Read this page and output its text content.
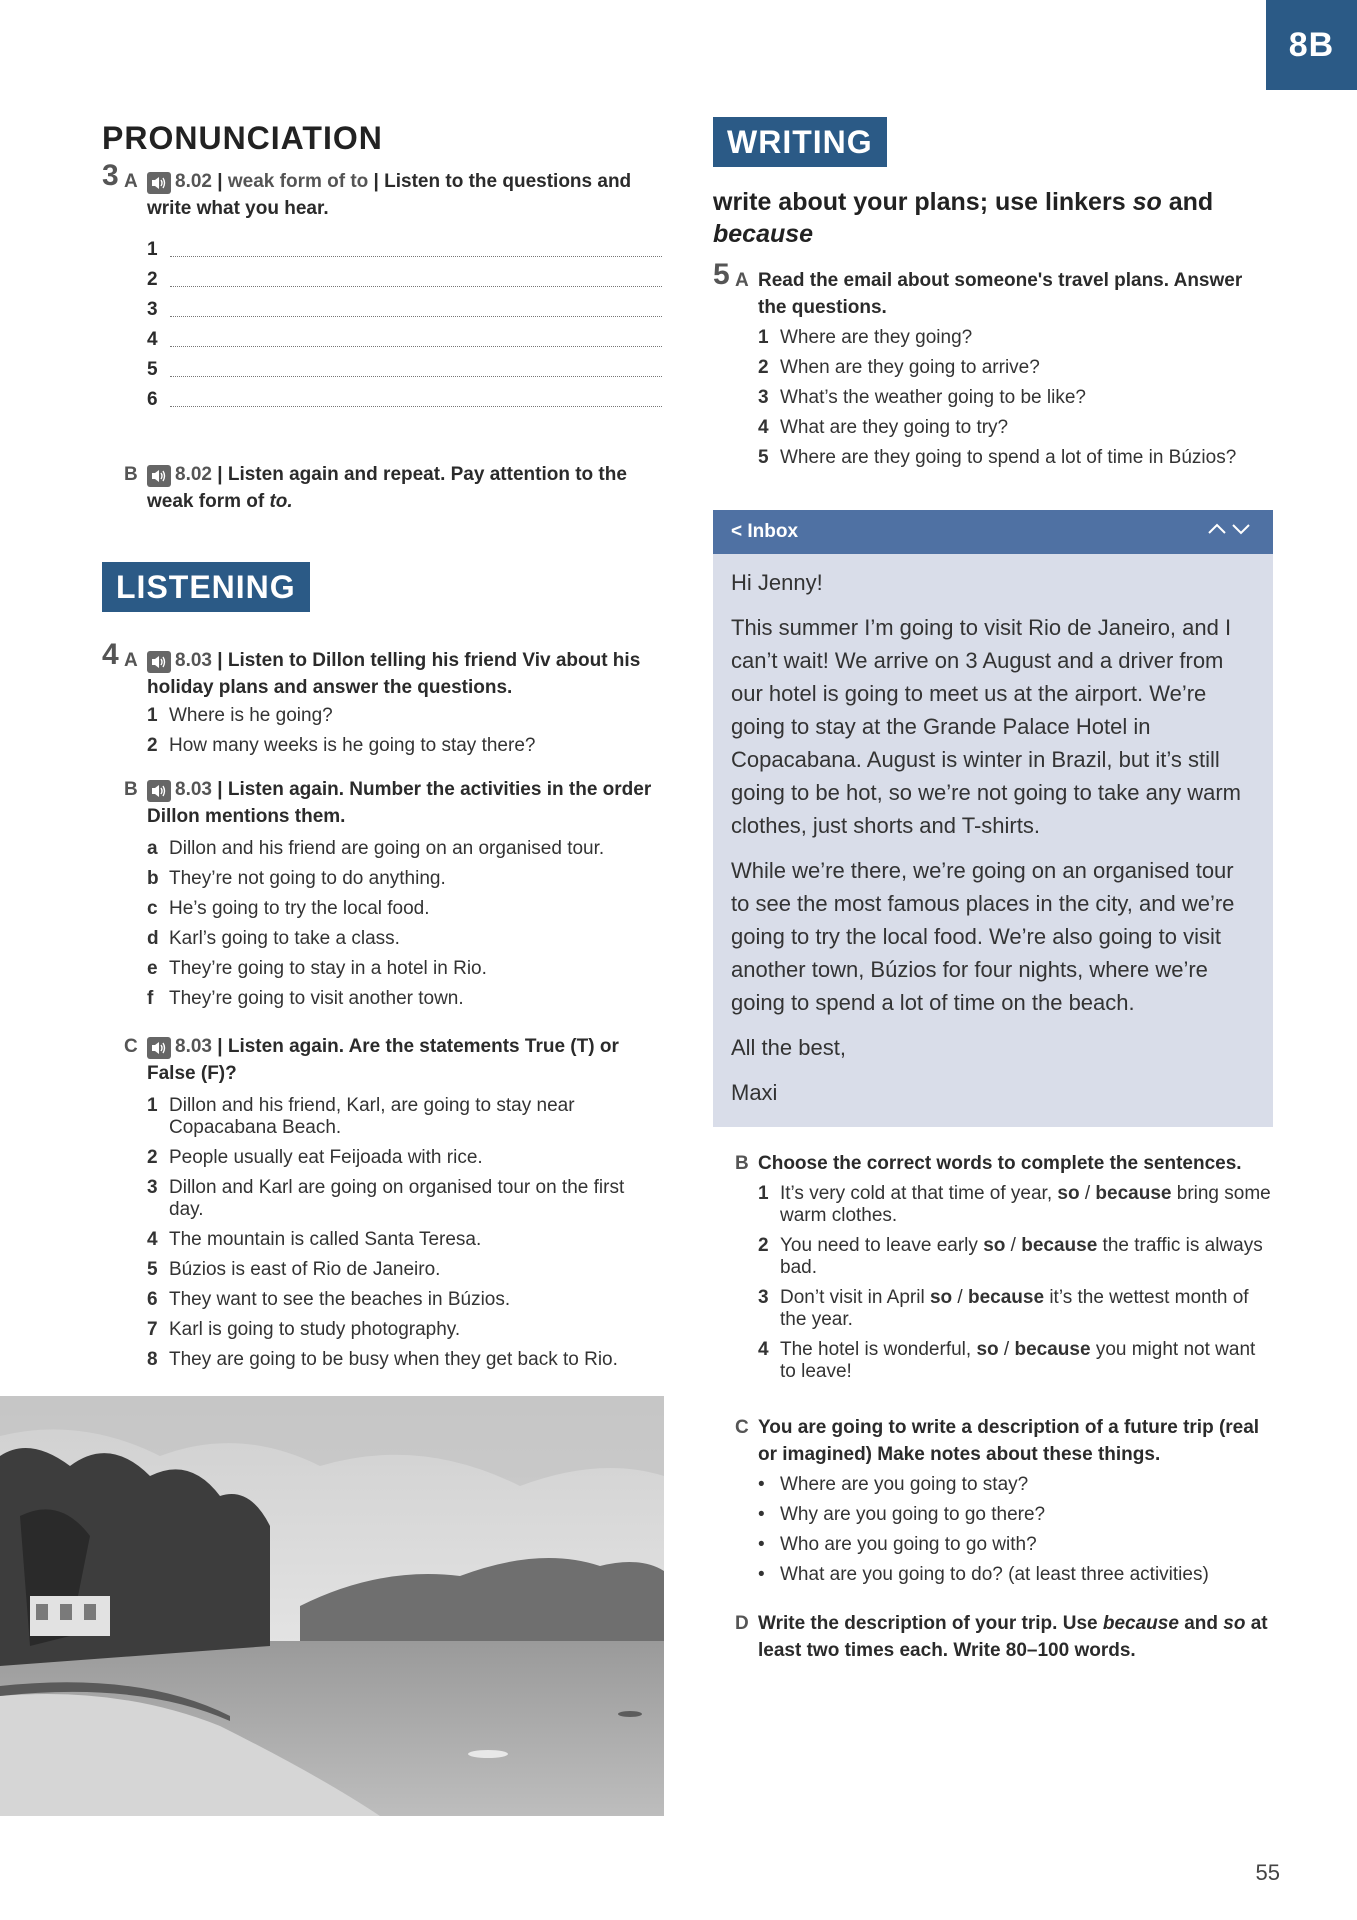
8B
PRONUNCIATION
3 A 8.02 | weak form of to | Listen to the questions and write what you hear.
1
2
3
4
5
6
B 8.02 | Listen again and repeat. Pay attention to the weak form of to.
LISTENING
4 A 8.03 | Listen to Dillon telling his friend Viv about his holiday plans and answer the questions.
1 Where is he going?
2 How many weeks is he going to stay there?
B 8.03 | Listen again. Number the activities in the order Dillon mentions them.
a Dillon and his friend are going on an organised tour.
b They’re not going to do anything.
c He’s going to try the local food.
d Karl’s going to take a class.
e They’re going to stay in a hotel in Rio.
f They’re going to visit another town.
C 8.03 | Listen again. Are the statements True (T) or False (F)?
1 Dillon and his friend, Karl, are going to stay near Copacabana Beach.
2 People usually eat Feijoada with rice.
3 Dillon and Karl are going on organised tour on the first day.
4 The mountain is called Santa Teresa.
5 Búzios is east of Rio de Janeiro.
6 They want to see the beaches in Búzios.
7 Karl is going to study photography.
8 They are going to be busy when they get back to Rio.
WRITING
write about your plans; use linkers so and because
5 A Read the email about someone's travel plans. Answer the questions.
1 Where are they going?
2 When are they going to arrive?
3 What’s the weather going to be like?
4 What are they going to try?
5 Where are they going to spend a lot of time in Búzios?
< Inbox

Hi Jenny!

This summer I’m going to visit Rio de Janeiro, and I can’t wait! We arrive on 3 August and a driver from our hotel is going to meet us at the airport. We’re going to stay at the Grande Palace Hotel in Copacabana. August is winter in Brazil, but it’s still going to be hot, so we’re not going to take any warm clothes, just shorts and T-shirts.

While we’re there, we’re going on an organised tour to see the most famous places in the city, and we’re going to try the local food. We’re also going to visit another town, Búzios for four nights, where we’re going to spend a lot of time on the beach.

All the best,

Maxi

B Choose the correct words to complete the sentences.
1 It’s very cold at that time of year, so / because bring some warm clothes.
2 You need to leave early so / because the traffic is always bad.
3 Don’t visit in April so / because it’s the wettest month of the year.
4 The hotel is wonderful, so / because you might not want to leave!
C You are going to write a description of a future trip (real or imagined) Make notes about these things.
• Where are you going to stay?
• Why are you going to go there?
• Who are you going to go with?
• What are you going to do? (at least three activities)
D Write the description of your trip. Use because and so at least two times each. Write 80–100 words.
55
